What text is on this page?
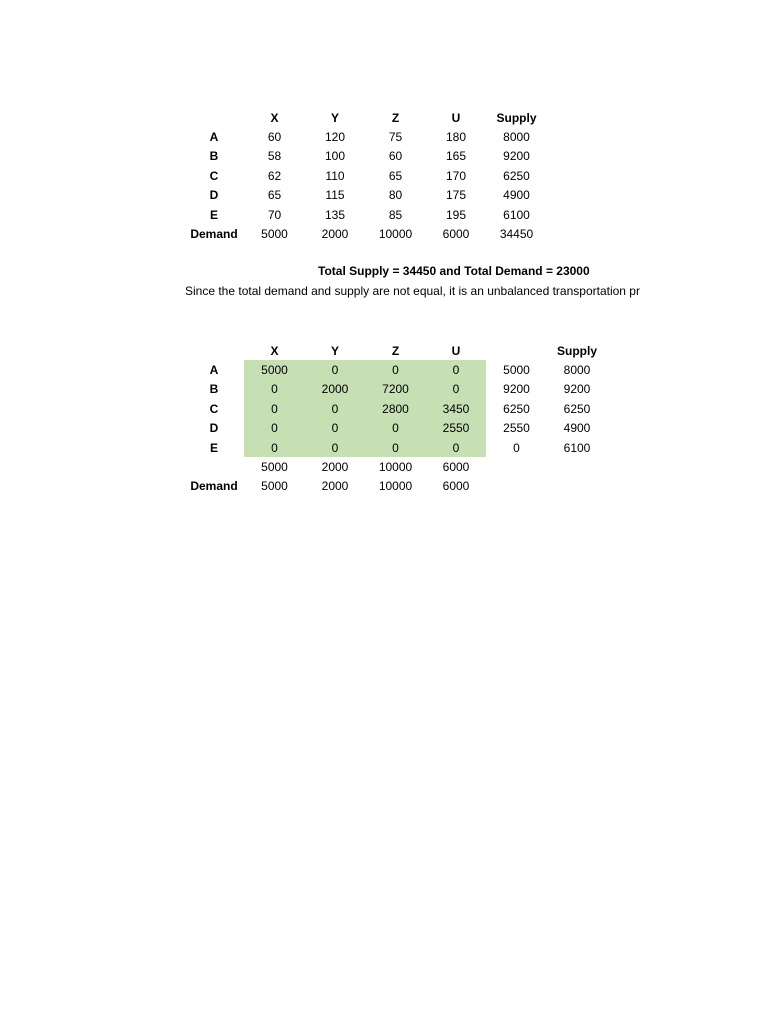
	X	Y	Z	U	Supply
A	60	120	75	180	8000
B	58	100	60	165	9200
C	62	110	65	170	6250
D	65	115	80	175	4900
E	70	135	85	195	6100
Demand	5000	2000	10000	6000	34450
Total Supply = 34450 and Total Demand = 23000
Since the total demand and supply are not equal, it is an unbalanced transportation pr
	X	Y	Z	U		Supply
A	5000	0	0	0	5000	8000
B	0	2000	7200	0	9200	9200
C	0	0	2800	3450	6250	6250
D	0	0	0	2550	2550	4900
E	0	0	0	0	0	6100
	5000	2000	10000	6000		
Demand	5000	2000	10000	6000		
